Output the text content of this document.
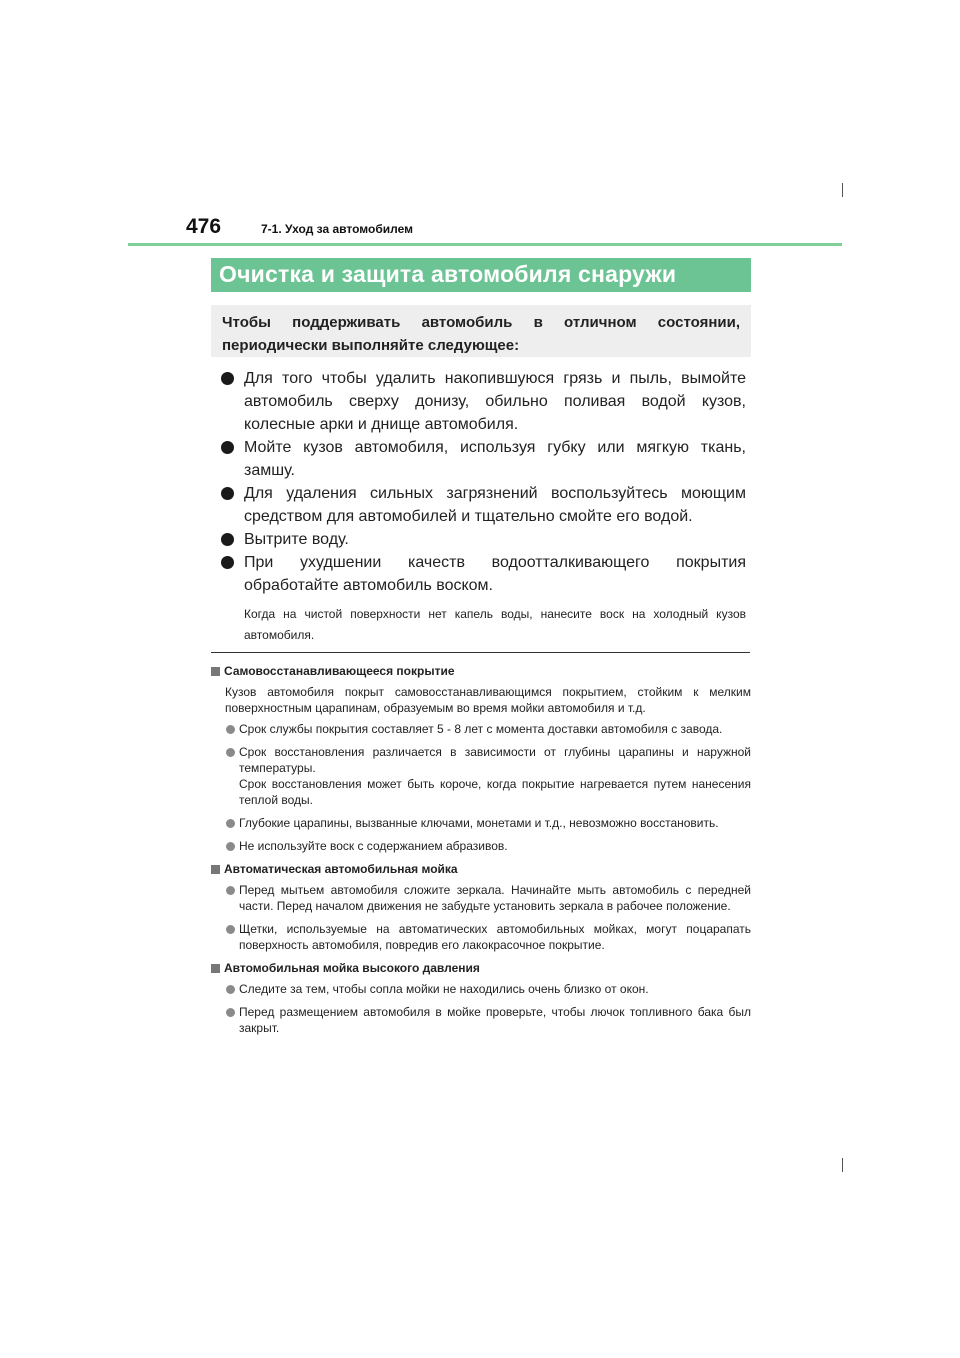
476	7-1. Уход за автомобилем
Очистка и защита автомобиля снаружи
Чтобы поддерживать автомобиль в отличном состоянии, периодически выполняйте следующее:
Для того чтобы удалить накопившуюся грязь и пыль, вымойте автомобиль сверху донизу, обильно поливая водой кузов, колесные арки и днище автомобиля.
Мойте кузов автомобиля, используя губку или мягкую ткань, замшу.
Для удаления сильных загрязнений воспользуйтесь моющим средством для автомобилей и тщательно смойте его водой.
Вытрите воду.
При ухудшении качеств водоотталкивающего покрытия обработайте автомобиль воском.
Когда на чистой поверхности нет капель воды, нанесите воск на холодный кузов автомобиля.
Самовосстанавливающееся покрытие
Кузов автомобиля покрыт самовосстанавливающимся покрытием, стойким к мелким поверхностным царапинам, образуемым во время мойки автомобиля и т.д.
Срок службы покрытия составляет 5 - 8 лет с момента доставки автомобиля с завода.
Срок восстановления различается в зависимости от глубины царапины и наружной температуры.
Срок восстановления может быть короче, когда покрытие нагревается путем нанесения теплой воды.
Глубокие царапины, вызванные ключами, монетами и т.д., невозможно восстановить.
Не используйте воск с содержанием абразивов.
Автоматическая автомобильная мойка
Перед мытьем автомобиля сложите зеркала. Начинайте мыть автомобиль с передней части. Перед началом движения не забудьте установить зеркала в рабочее положение.
Щетки, используемые на автоматических автомобильных мойках, могут поцарапать поверхность автомобиля, повредив его лакокрасочное покрытие.
Автомобильная мойка высокого давления
Следите за тем, чтобы сопла мойки не находились очень близко от окон.
Перед размещением автомобиля в мойке проверьте, чтобы лючок топливного бака был закрыт.
